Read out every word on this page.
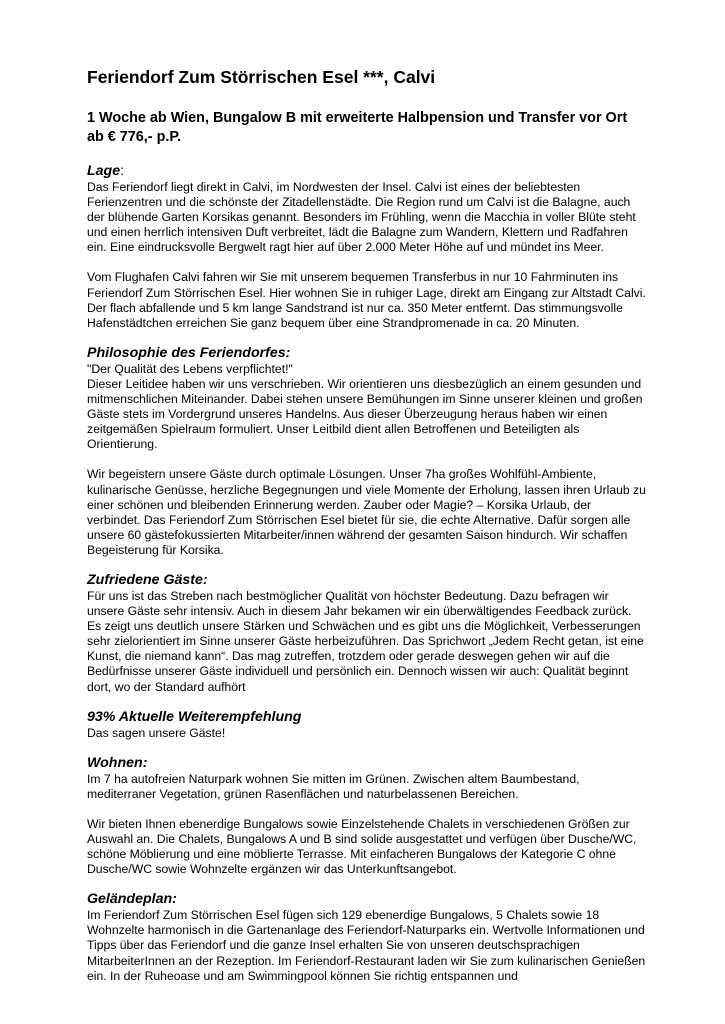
Feriendorf Zum Störrischen Esel ***, Calvi
1 Woche ab Wien, Bungalow B mit erweiterte Halbpension und Transfer vor Ort ab € 776,- p.P.
Lage:

Das Feriendorf liegt direkt in Calvi, im Nordwesten der Insel. Calvi ist eines der beliebtesten Ferienzentren und die schönste der Zitadellenstädte. Die Region rund um Calvi ist die Balagne, auch der blühende Garten Korsikas genannt. Besonders im Frühling, wenn die Macchia in voller Blüte steht und einen herrlich intensiven Duft verbreitet, lädt die Balagne zum Wandern, Klettern und Radfahren ein. Eine eindrucksvolle Bergwelt ragt hier auf über 2.000 Meter Höhe auf und mündet ins Meer.

Vom Flughafen Calvi fahren wir Sie mit unserem bequemen Transferbus in nur 10 Fahrminuten ins Feriendorf Zum Störrischen Esel. Hier wohnen Sie in ruhiger Lage, direkt am Eingang zur Altstadt Calvi. Der flach abfallende und 5 km lange Sandstrand ist nur ca. 350 Meter entfernt. Das stimmungsvolle Hafenstädtchen erreichen Sie ganz bequem über eine Strandpromenade in ca. 20 Minuten.

Philosophie des Feriendorfes:

"Der Qualität des Lebens verpflichtet!"

Dieser Leitidee haben wir uns verschrieben. Wir orientieren uns diesbezüglich an einem gesunden und mitmenschlichen Miteinander. Dabei stehen unsere Bemühungen im Sinne unserer kleinen und großen Gäste stets im Vordergrund unseres Handelns. Aus dieser Überzeugung heraus haben wir einen zeitgemäßen Spielraum formuliert. Unser Leitbild dient allen Betroffenen und Beteiligten als Orientierung.

Wir begeistern unsere Gäste durch optimale Lösungen. Unser 7ha großes Wohlfühl-Ambiente, kulinarische Genüsse, herzliche Begegnungen und viele Momente der Erholung, lassen ihren Urlaub zu einer schönen und bleibenden Erinnerung werden. Zauber oder Magie? – Korsika Urlaub, der verbindet. Das Feriendorf Zum Störrischen Esel bietet für sie, die echte Alternative. Dafür sorgen alle unsere 60 gästefokussierten Mitarbeiter/innen während der gesamten Saison hindurch. Wir schaffen Begeisterung für Korsika.

Zufriedene Gäste:

Für uns ist das Streben nach bestmöglicher Qualität von höchster Bedeutung. Dazu befragen wir unsere Gäste sehr intensiv. Auch in diesem Jahr bekamen wir ein überwältigendes Feedback zurück. Es zeigt uns deutlich unsere Stärken und Schwächen und es gibt uns die Möglichkeit, Verbesserungen sehr zielorientiert im Sinne unserer Gäste herbeizuführen. Das Sprichwort „Jedem Recht getan, ist eine Kunst, die niemand kann“. Das mag zutreffen, trotzdem oder gerade deswegen gehen wir auf die Bedürfnisse unserer Gäste individuell und persönlich ein. Dennoch wissen wir auch: Qualität beginnt dort, wo der Standard aufhört

93% Aktuelle Weiterempfehlung

Das sagen unsere Gäste!

Wohnen:

Im 7 ha autofreien Naturpark wohnen Sie mitten im Grünen. Zwischen altem Baumbestand, mediterraner Vegetation, grünen Rasenflächen und naturbelassenen Bereichen.

Wir bieten Ihnen ebenerdige Bungalows sowie Einzelstehende Chalets in verschiedenen Größen zur Auswahl an. Die Chalets, Bungalows A und B sind solide ausgestattet und verfügen über Dusche/WC, schöne Möblierung und eine möblierte Terrasse. Mit einfacheren Bungalows der Kategorie C ohne Dusche/WC sowie Wohnzelte ergänzen wir das Unterkunftsangebot.

Geländeplan:

Im Feriendorf Zum Störrischen Esel fügen sich 129 ebenerdige Bungalows, 5 Chalets sowie 18 Wohnzelte harmonisch in die Gartenanlage des Feriendorf-Naturparks ein. Wertvolle Informationen und Tipps über das Feriendorf und die ganze Insel erhalten Sie von unseren deutschsprachigen MitarbeiterInnen an der Rezeption. Im Feriendorf-Restaurant laden wir Sie zum kulinarischen Genießen ein. In der Ruheoase und am Swimmingpool können Sie richtig entspannen und
